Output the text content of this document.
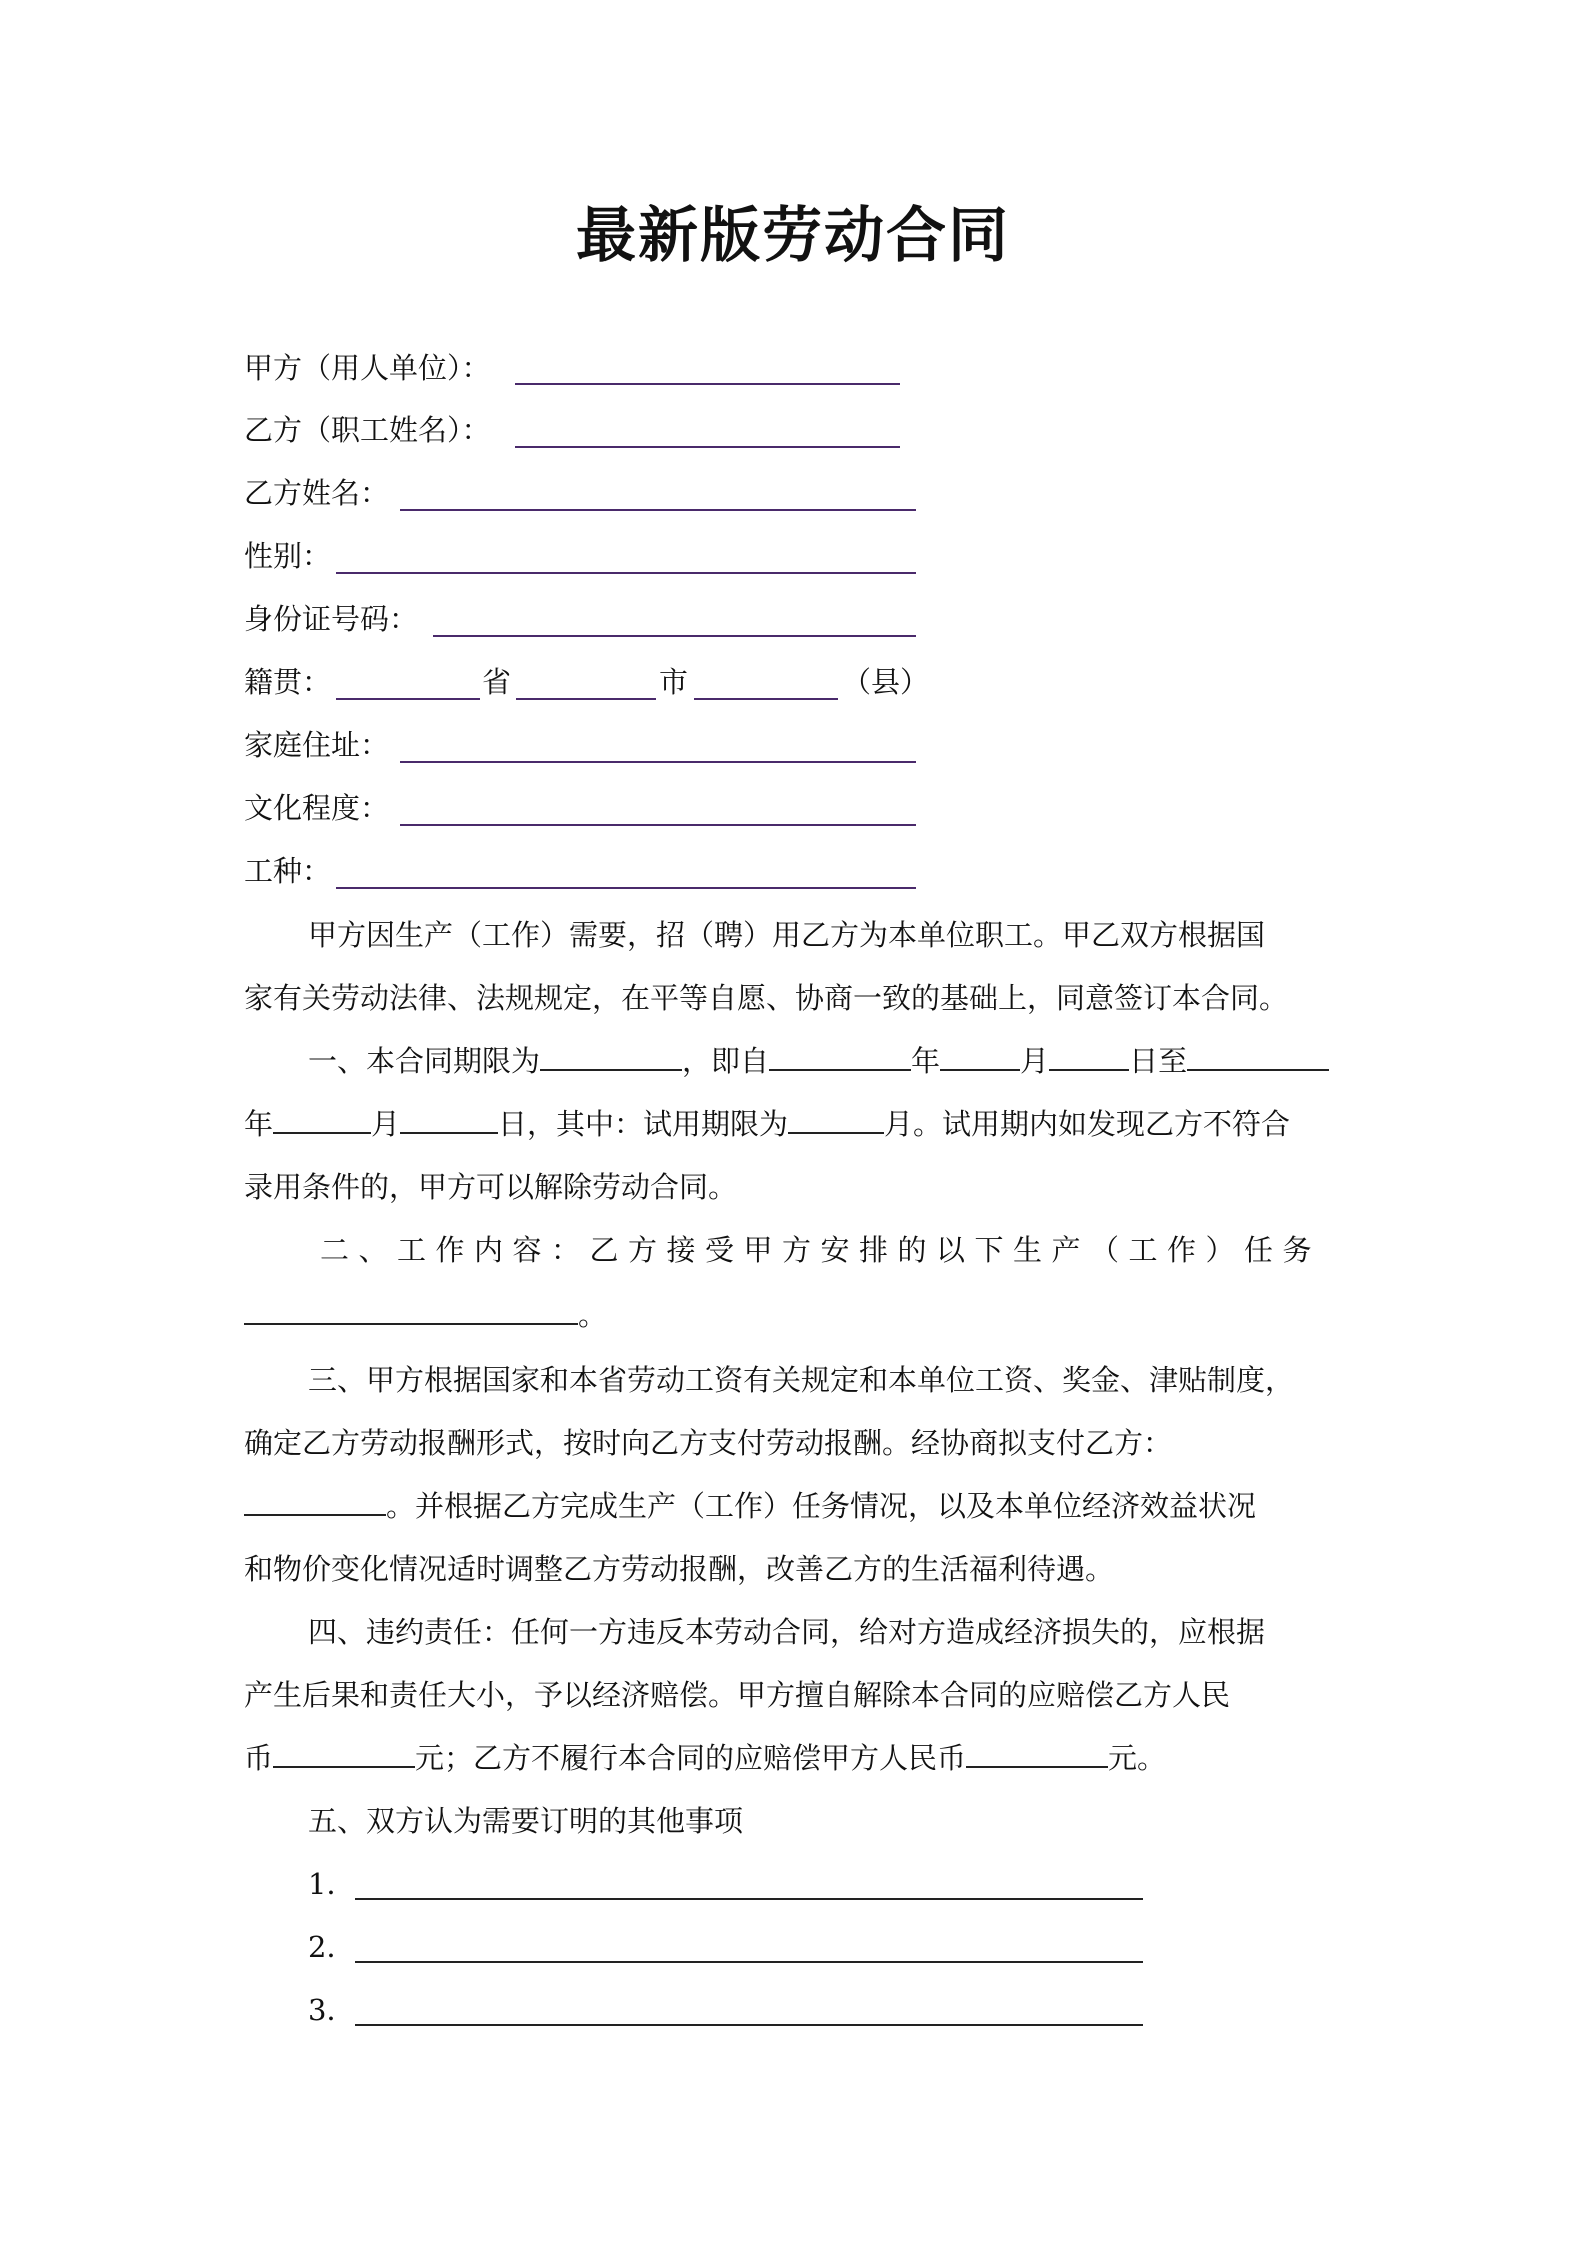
最新版劳动合同
甲方（用人单位）：
乙方（职工姓名）：
乙方姓名：
性别：
身份证号码：
籍贯：	省	市	（县）
家庭住址：
文化程度：
工种：
甲方因生产（工作）需要，招（聘）用乙方为本单位职工。甲乙双方根据国
家有关劳动法律、法规规定，在平等自愿、协商一致的基础上，同意签订本合同。
一、本合同期限为	，即自	年	月	日至
年	月	日，其中：试用期限为	月。试用期内如发现乙方不符合
录用条件的，甲方可以解除劳动合同。
二、工作内容：乙方接受甲方安排的以下生产（工作）任务
。
三、甲方根据国家和本省劳动工资有关规定和本单位工资、奖金、津贴制度，
确定乙方劳动报酬形式，按时向乙方支付劳动报酬。经协商拟支付乙方：
。并根据乙方完成生产（工作）任务情况，以及本单位经济效益状况
和物价变化情况适时调整乙方劳动报酬，改善乙方的生活福利待遇。
四、违约责任：任何一方违反本劳动合同，给对方造成经济损失的，应根据
产生后果和责任大小，予以经济赔偿。甲方擅自解除本合同的应赔偿乙方人民
币	元；乙方不履行本合同的应赔偿甲方人民币	元。
五、双方认为需要订明的其他事项
1．
2．
3．
